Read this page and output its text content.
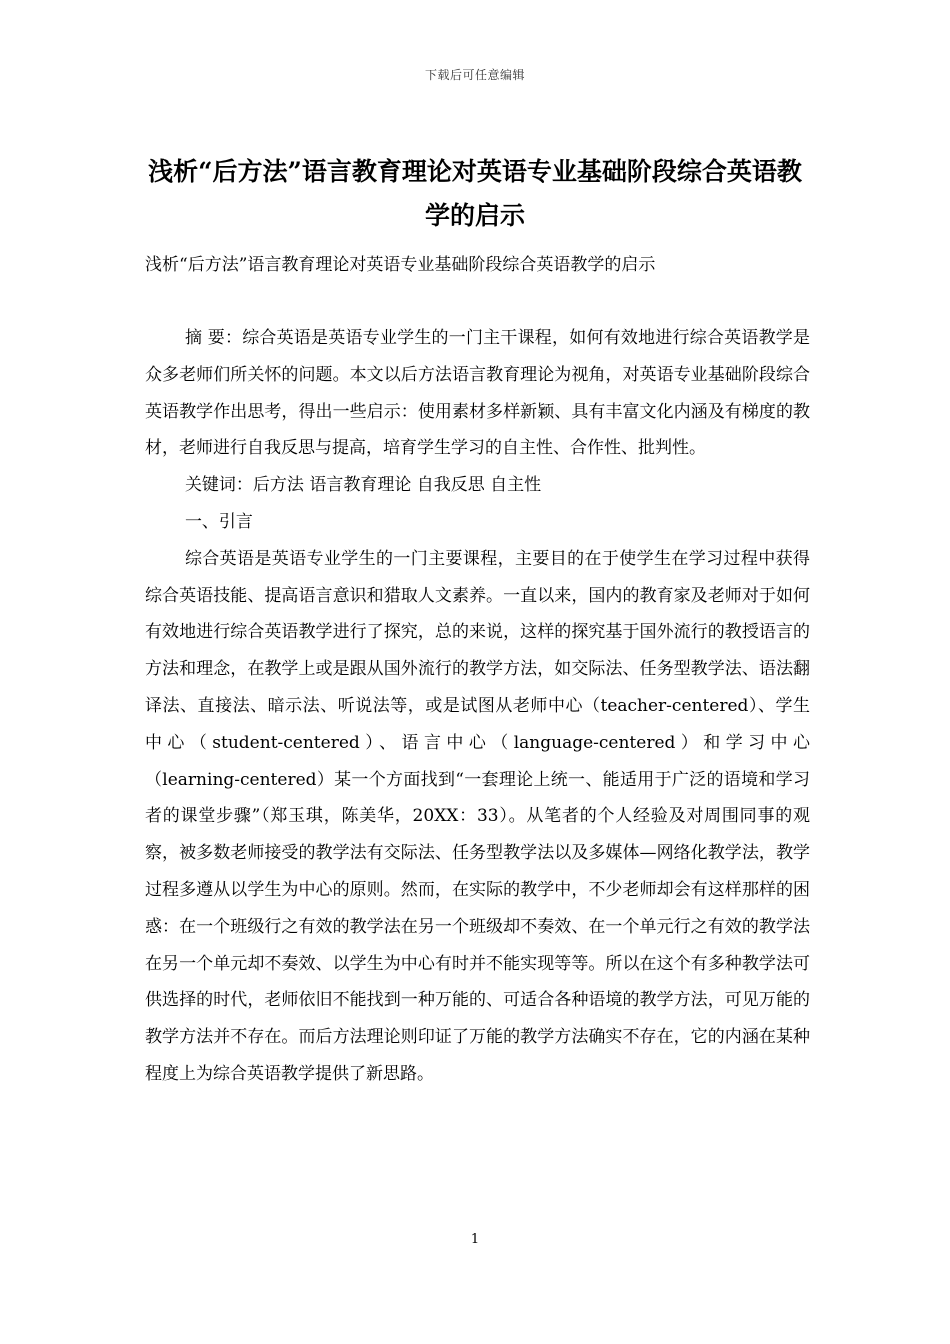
下载后可任意编辑
浅析“后方法”语言教育理论对英语专业基础阶段综合英语教学的启示
浅析“后方法”语言教育理论对英语专业基础阶段综合英语教学的启示

摘 要：综合英语是英语专业学生的一门主干课程，如何有效地进行综合英语教学是众多老师们所关怀的问题。本文以后方法语言教育理论为视角，对英语专业基础阶段综合英语教学作出思考，得出一些启示：使用素材多样新颖、具有丰富文化内涵及有梯度的教材，老师进行自我反思与提高，培育学生学习的自主性、合作性、批判性。

关键词：后方法 语言教育理论 自我反思 自主性

一、引言

综合英语是英语专业学生的一门主要课程，主要目的在于使学生在学习过程中获得综合英语技能、提高语言意识和猎取人文素养。一直以来，国内的教育家及老师对于如何有效地进行综合英语教学进行了探究，总的来说，这样的探究基于国外流行的教授语言的方法和理念，在教学上或是跟从国外流行的教学方法，如交际法、任务型教学法、语法翻译法、直接法、暗示法、听说法等，或是试图从老师中心（teacher-centered）、学生中心（student-centered）、语言中心（language-centered）和学习中心（learning-centered）某一个方面找到“一套理论上统一、能适用于广泛的语境和学习者的课堂步骤”（郑玉琪，陈美华，20XX：33）。从笔者的个人经验及对周围同事的观察，被多数老师接受的教学法有交际法、任务型教学法以及多媒体—网络化教学法，教学过程多遵从以学生为中心的原则。然而，在实际的教学中，不少老师却会有这样那样的困惑：在一个班级行之有效的教学法在另一个班级却不奏效、在一个单元行之有效的教学法在另一个单元却不奏效、以学生为中心有时并不能实现等等。所以在这个有多种教学法可供选择的时代，老师依旧不能找到一种万能的、可适合各种语境的教学方法，可见万能的教学方法并不存在。而后方法理论则印证了万能的教学方法确实不存在，它的内涵在某种程度上为综合英语教学提供了新思路。

1
